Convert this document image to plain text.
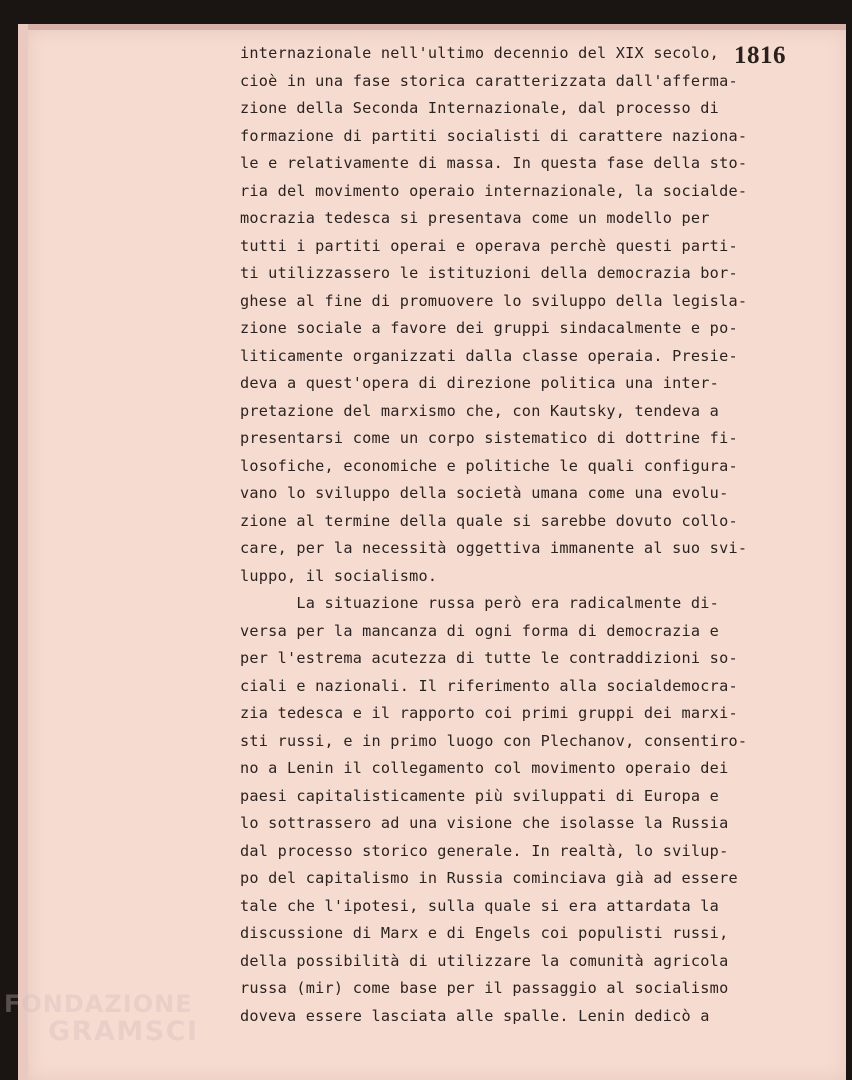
1816
internazionale nell'ultimo decennio del XIX secolo,
cioè in una fase storica caratterizzata dall'afferma-
zione della Seconda Internazionale, dal processo di
formazione di partiti socialisti di carattere naziona-
le e relativamente di massa. In questa fase della sto-
ria del movimento operaio internazionale, la socialde-
mocrazia tedesca si presentava come un modello per
tutti i partiti operai e operava perchè questi parti-
ti utilizzassero le istituzioni della democrazia bor-
ghese al fine di promuovere lo sviluppo della legisla-
zione sociale a favore dei gruppi sindacalmente e po-
liticamente organizzati dalla classe operaia. Presie-
deva a quest'opera di direzione politica una inter-
pretazione del marxismo che, con Kautsky, tendeva a
presentarsi come un corpo sistematico di dottrine fi-
losofiche, economiche e politiche le quali configura-
vano lo sviluppo della società umana come una evolu-
zione al termine della quale si sarebbe dovuto collo-
care, per la necessità oggettiva immanente al suo svi-
luppo, il socialismo.
La situazione russa però era radicalmente di-
versa per la mancanza di ogni forma di democrazia e
per l'estrema acutezza di tutte le contraddizioni so-
ciali e nazionali. Il riferimento alla socialdemocra-
zia tedesca e il rapporto coi primi gruppi dei marxi-
sti russi, e in primo luogo con Plechanov, consentiro-
no a Lenin il collegamento col movimento operaio dei
paesi capitalisticamente più sviluppati di Europa e
lo sottrassero ad una visione che isolasse la Russia
dal processo storico generale. In realtà, lo svilup-
po del capitalismo in Russia cominciava già ad essere
tale che l'ipotesi, sulla quale si era attardata la
discussione di Marx e di Engels coi populisti russi,
della possibilità di utilizzare la comunità agricola
russa (mir) come base per il passaggio al socialismo
doveva essere lasciata alle spalle. Lenin dedicò a
FONDAZIONE
GRAMSCI
